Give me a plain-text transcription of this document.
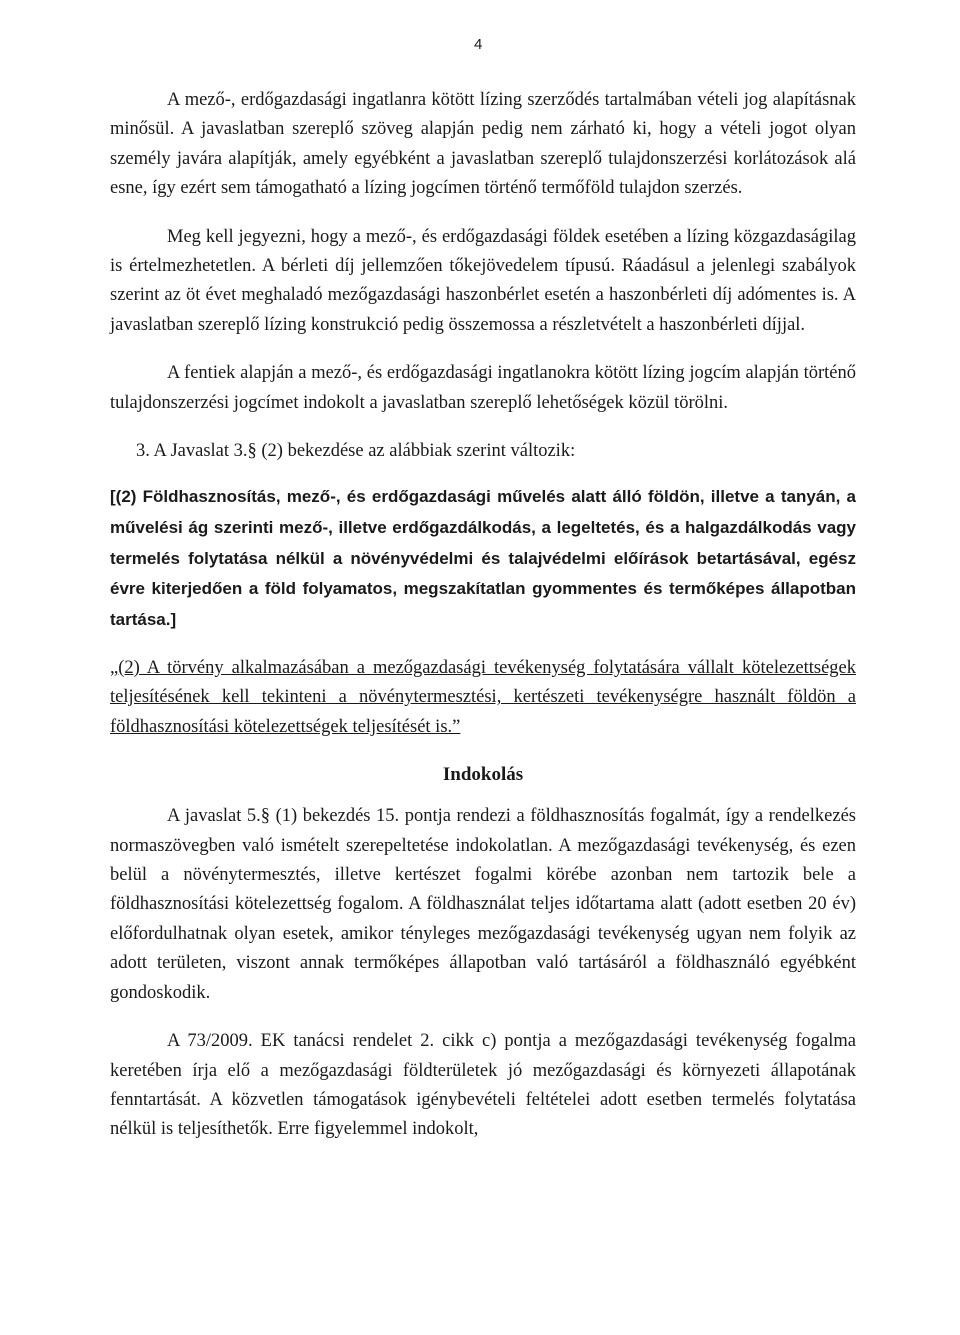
4

A mező-, erdőgazdasági ingatlanra kötött lízing szerződés tartalmában vételi jog alapításnak minősül. A javaslatban szereplő szöveg alapján pedig nem zárható ki, hogy a vételi jogot olyan személy javára alapítják, amely egyébként a javaslatban szereplő tulajdonszerzési korlátozások alá esne, így ezért sem támogatható a lízing jogcímen történő termőföld tulajdon szerzés.

Meg kell jegyezni, hogy a mező-, és erdőgazdasági földek esetében a lízing közgazdaságilag is értelmezhetetlen. A bérleti díj jellemzően tőkejövedelem típusú. Ráadásul a jelenlegi szabályok szerint az öt évet meghaladó mezőgazdasági haszonbérlet esetén a haszonbérleti díj adómentes is. A javaslatban szereplő lízing konstrukció pedig összemossa a részletvételt a haszonbérleti díjjal.

A fentiek alapján a mező-, és erdőgazdasági ingatlanokra kötött lízing jogcím alapján történő tulajdonszerzési jogcímet indokolt a javaslatban szereplő lehetőségek közül törölni.

3. A Javaslat 3.§ (2) bekezdése az alábbiak szerint változik:

[(2) Földhasznosítás, mező-, és erdőgazdasági művelés alatt álló földön, illetve a tanyán, a művelési ág szerinti mező-, illetve erdőgazdálkodás, a legeltetés, és a halgazdálkodás vagy termelés folytatása nélkül a növényvédelmi és talajvédelmi előírások betartásával, egész évre kiterjedően a föld folyamatos, megszakítatlan gyommentes és termőképes állapotban tartása.]

„(2) A törvény alkalmazásában a mezőgazdasági tevékenység folytatására vállalt kötelezettségek teljesítésének kell tekinteni a növénytermesztési, kertészeti tevékenységre használt földön a földhasznosítási kötelezettségek teljesítését is.”

Indokolás

A javaslat 5.§ (1) bekezdés 15. pontja rendezi a földhasznosítás fogalmát, így a rendelkezés normaszövegben való ismételt szerepeltetése indokolatlan. A mezőgazdasági tevékenység, és ezen belül a növénytermesztés, illetve kertészet fogalmi körébe azonban nem tartozik bele a földhasznosítási kötelezettség fogalom. A földhasználat teljes időtartama alatt (adott esetben 20 év) előfordulhatnak olyan esetek, amikor tényleges mezőgazdasági tevékenység ugyan nem folyik az adott területen, viszont annak termőképes állapotban való tartásáról a földhasználó egyébként gondoskodik.

A 73/2009. EK tanácsi rendelet 2. cikk c) pontja a mezőgazdasági tevékenység fogalma keretében írja elő a mezőgazdasági földterületek jó mezőgazdasági és környezeti állapotának fenntartását. A közvetlen támogatások igénybevételi feltételei adott esetben termelés folytatása nélkül is teljesíthetők. Erre figyelemmel indokolt,
